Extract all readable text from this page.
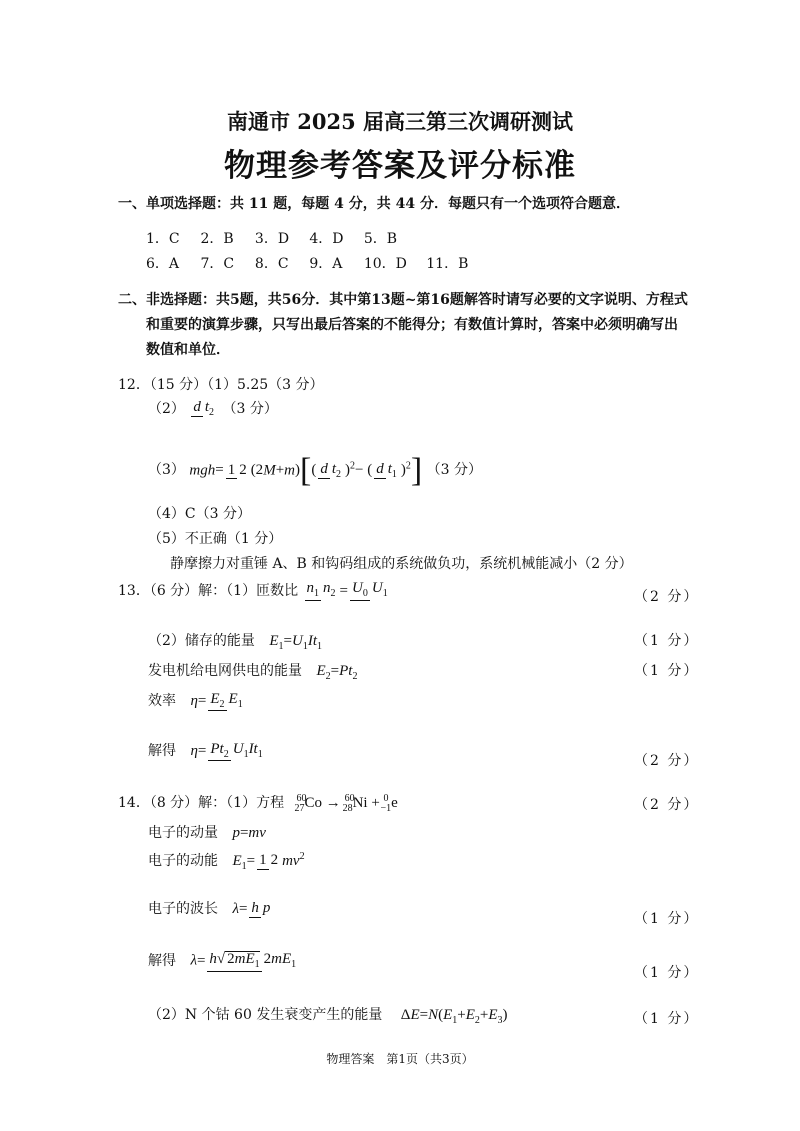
南通市 2025 届高三第三次调研测试
物理参考答案及评分标准
一、单项选择题：共 11 题，每题 4 分，共 44 分．每题只有一个选项符合题意．
1．C 2．B 3．D 4．D 5．B
6．A 7．C 8．C 9．A 10．D 11．B
二、非选择题：共5题，共56分．其中第13题~第16题解答时请写必要的文字说明、方程式
和重要的演算步骤，只写出最后答案的不能得分；有数值计算时，答案中必须明确写出
数值和单位．
12．（15 分）（1）5.25（3 分）
（2） d $t_2$ （3 分）
（3） mgh=1 2 (2M+m)[( d $t_2$ )$^2$− ( d $t_1$ )$^2$] （3 分）
（4）C（3 分）
（5）不正确（1 分）
静摩擦力对重锤 A、B 和钩码组成的系统做负功，系统机械能减小（2 分）
13．（6 分）解：（1）匝数比 $n_1$ $n_2 = U_0$ $U_1$	（2 分）
（2）储存的能量 $E_1=U_1It_1$	（1 分）
发电机给电网供电的能量 $E_2=Pt_2$	（1 分）
效率 $\eta=E_2$ $E_1$
解得 $\eta=Pt_2$ $U_1It_1$	（2 分）
14．（8 分）解：（1）方程 $^{60}_{27}$Co → $^{60}_{28}$Ni + $^0_{-1}$e	（2 分）
电子的动量 p=mv
电子的动能 $E_1=1$ 2 $mv^2$
电子的波长 λ=h p
（1 分）
解得 λ=h√ $2mE_1$ $2mE_1$
（1 分）
（2）N 个钴 60 发生衰变产生的能量 $\Delta E=N(E_1+E_2+E_3)$	（1 分）
物理答案　第1页（共3页）
